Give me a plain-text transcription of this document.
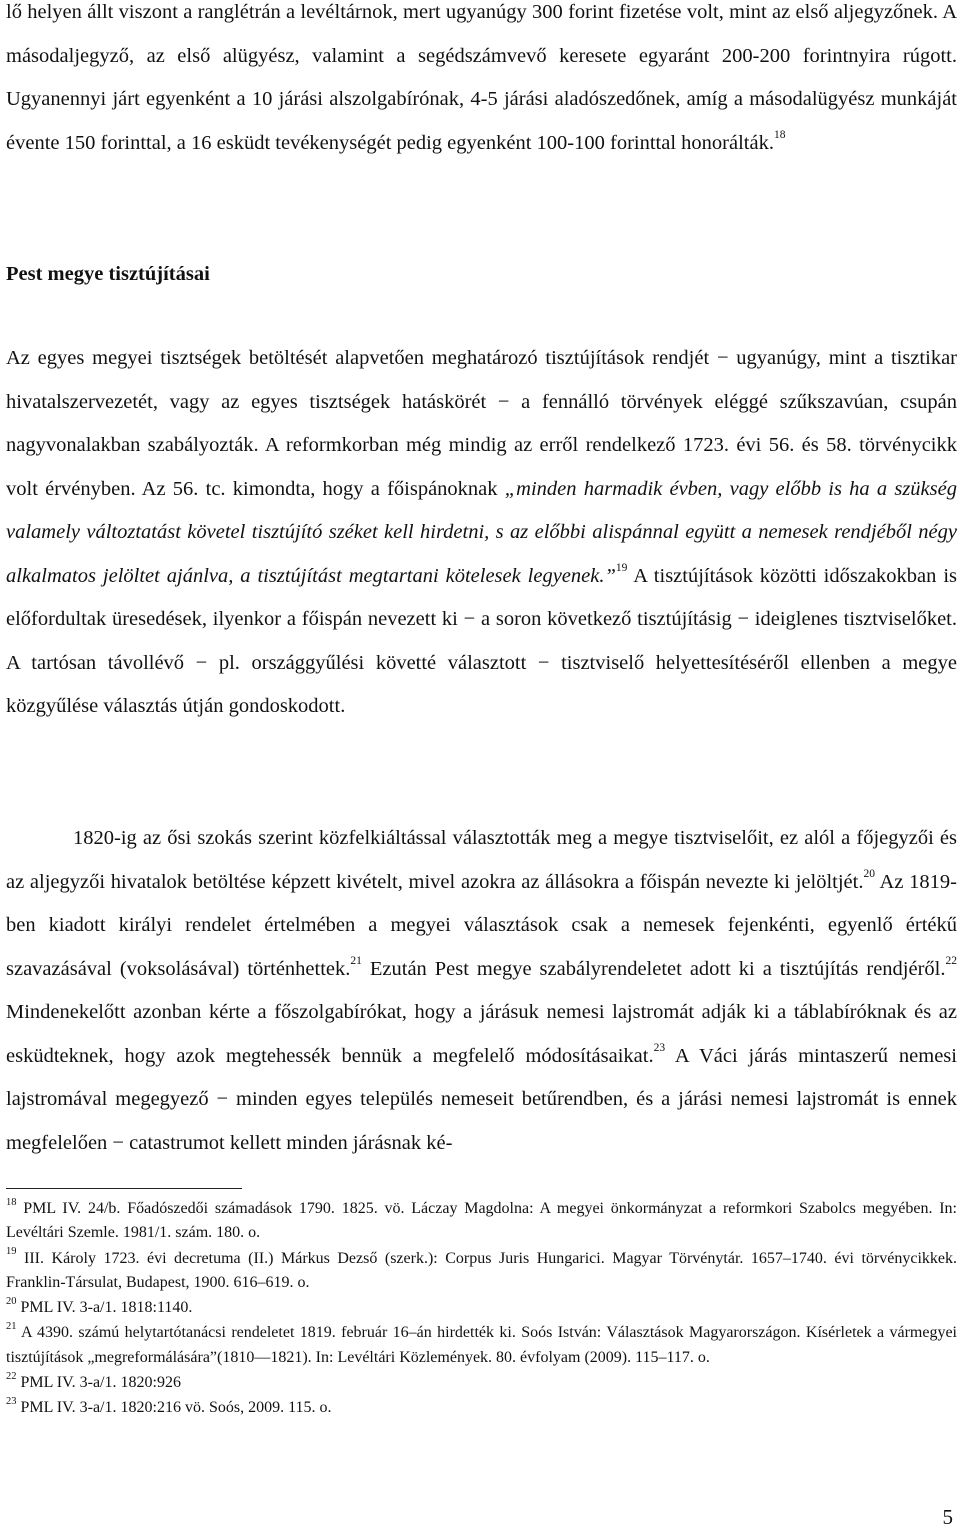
lő helyen állt viszont a ranglétrán a levéltárnok, mert ugyanúgy 300 forint fizetése volt, mint az első aljegyzőnek. A másodaljegyző, az első alügyész, valamint a segédszámvevő keresete egyaránt 200-200 forintnyira rúgott. Ugyanennyi járt egyenként a 10 járási alszolgabírónak, 4-5 járási aladószedőnek, amíg a másodalügyész munkáját évente 150 forinttal, a 16 esküdt tevékenységét pedig egyenként 100-100 forinttal honorálták.$^{18}$

Pest megye tisztújításai

Az egyes megyei tisztségek betöltését alapvetően meghatározó tisztújítások rendjét − ugyanúgy, mint a tisztikar hivatalszervezetét, vagy az egyes tisztségek hatáskörét − a fennálló törvények eléggé szűkszavúan, csupán nagyvonalakban szabályozták. A reformkorban még mindig az erről rendelkező 1723. évi 56. és 58. törvénycikk volt érvényben. Az 56. tc. kimondta, hogy a főispánoknak „minden harmadik évben, vagy előbb is ha a szükség valamely változtatást követel tisztújító széket kell hirdetni, s az előbbi alispánnal együtt a nemesek rendjéből négy alkalmatos jelöltet ajánlva, a tisztújítást megtartani kötelesek legyenek.”$^{19}$ A tisztújítások közötti időszakokban is előfordultak üresedések, ilyenkor a főispán nevezett ki − a soron következő tisztújításig − ideiglenes tisztviselőket. A tartósan távollévő − pl. országgyűlési követté választott − tisztviselő helyettesítéséről ellenben a megye közgyűlése választás útján gondoskodott.

1820-ig az ősi szokás szerint közfelkiáltással választották meg a megye tisztviselőit, ez alól a főjegyzői és az aljegyzői hivatalok betöltése képzett kivételt, mivel azokra az állásokra a főispán nevezte ki jelöltjét.$^{20}$ Az 1819-ben kiadott királyi rendelet értelmében a megyei választások csak a nemesek fejenkénti, egyenlő értékű szavazásával (voksolásával) történhettek.$^{21}$ Ezután Pest megye szabályrendeletet adott ki a tisztújítás rendjéről.$^{22}$ Mindenekelőtt azonban kérte a főszolgabírókat, hogy a járásuk nemesi lajstromát adják ki a táblabíróknak és az esküdteknek, hogy azok megtehessék bennük a megfelelő módosításaikat.$^{23}$ A Váci járás mintaszerű nemesi lajstromával megegyező − minden egyes település nemeseit betűrendben, és a járási nemesi lajstromát is ennek megfelelően − catastrumot kellett minden járásnak ké-

$^{18}$ PML IV. 24/b. Főadószedői számadások 1790. 1825. vö. Láczay Magdolna: A megyei önkormányzat a reformkori Szabolcs megyében. In: Levéltári Szemle. 1981/1. szám. 180. o.

$^{19}$ III. Károly 1723. évi decretuma (II.) Márkus Dezső (szerk.): Corpus Juris Hungarici. Magyar Törvénytár. 1657–1740. évi törvénycikkek. Franklin-Társulat, Budapest, 1900. 616–619. o.

$^{20}$ PML IV. 3-a/1. 1818:1140.

$^{21}$ A 4390. számú helytartótanácsi rendeletet 1819. február 16–án hirdették ki. Soós István: Választások Magyarországon. Kísérletek a vármegyei tisztújítások „megreformálására”(1810—1821). In: Levéltári Közlemények. 80. évfolyam (2009). 115–117. o.

$^{22}$ PML IV. 3-a/1. 1820:926

$^{23}$ PML IV. 3-a/1. 1820:216 vö. Soós, 2009. 115. o.

5
